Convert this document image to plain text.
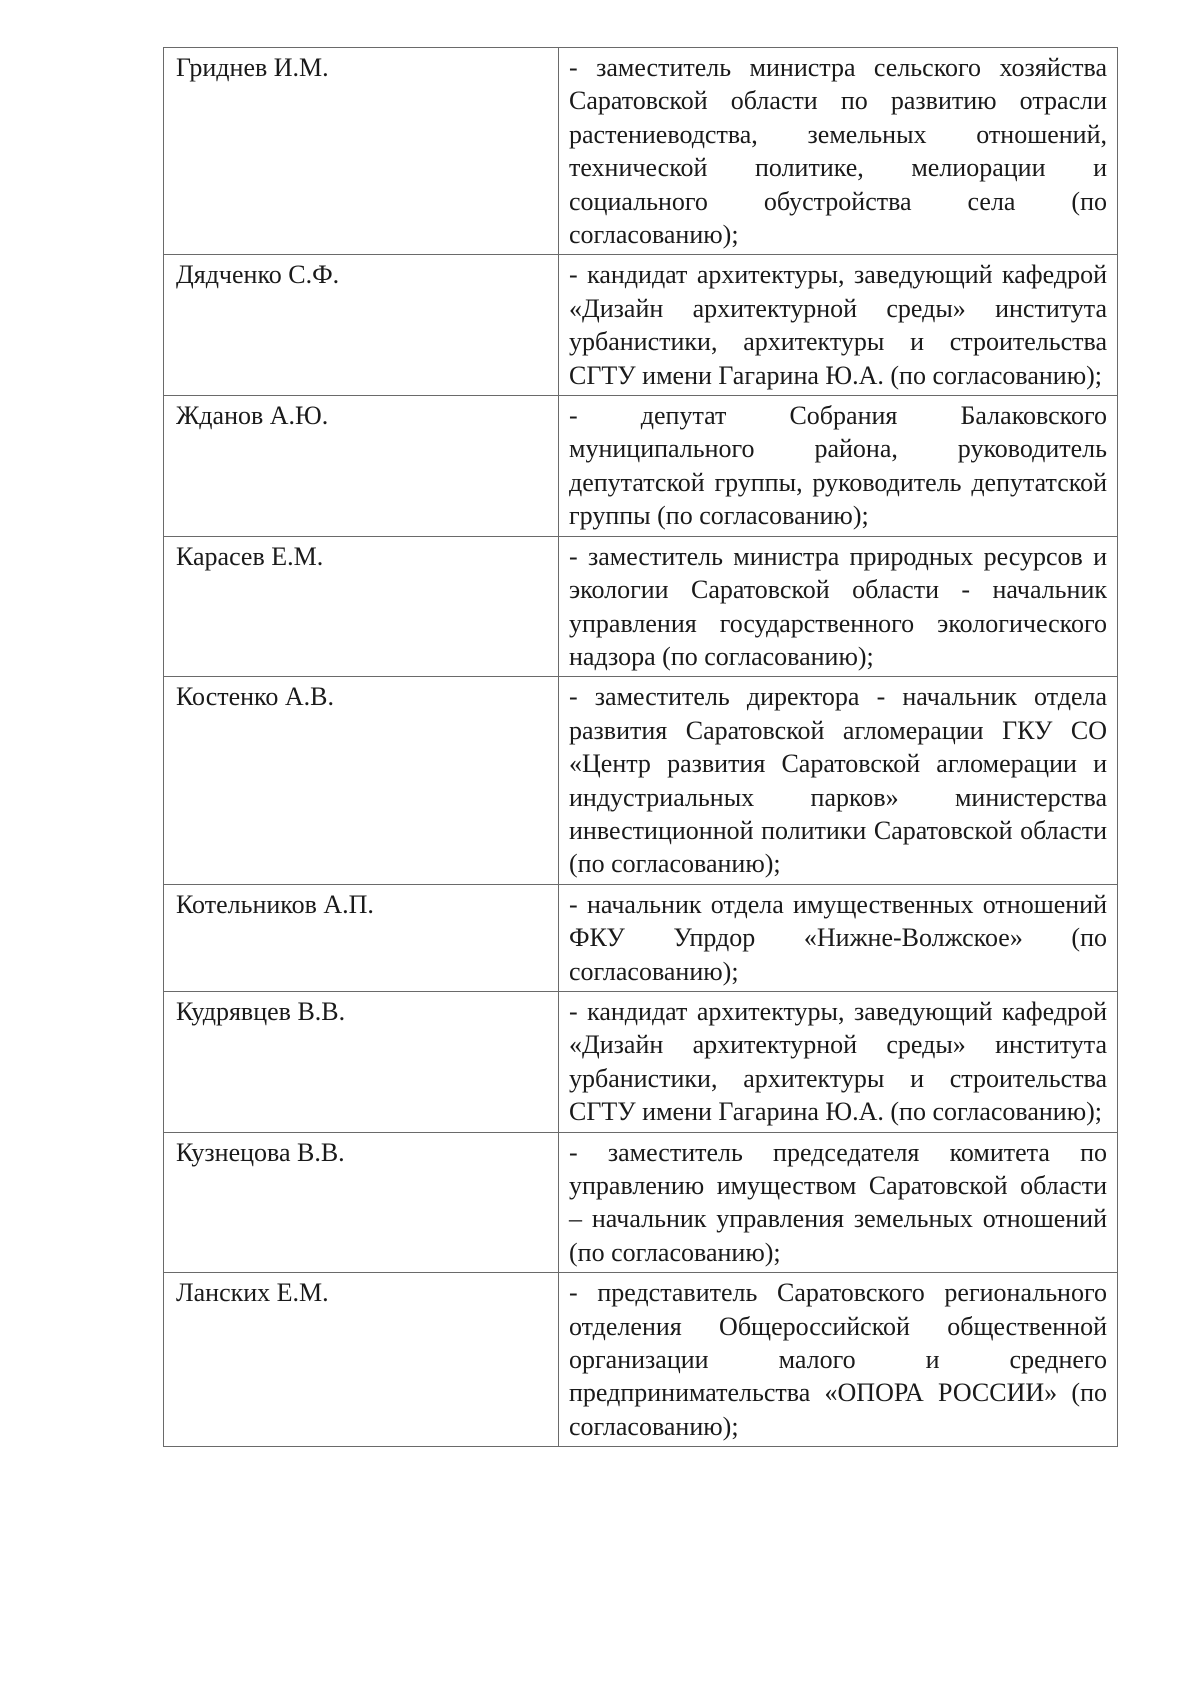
Гриднев И.М.	- заместитель министра сельского хозяйства Саратовской области по развитию отрасли растениеводства, земельных отношений, технической политике, мелиорации и социального обустройства села (по согласованию);
Дядченко С.Ф.	- кандидат архитектуры, заведующий кафедрой «Дизайн архитектурной среды» института урбанистики, архитектуры и строительства СГТУ имени Гагарина Ю.А. (по согласованию);
Жданов А.Ю.	- депутат Собрания Балаковского муниципального района, руководитель депутатской группы, руководитель депутатской группы (по согласованию);
Карасев Е.М.	- заместитель министра природных ресурсов и экологии Саратовской области - начальник управления государственного экологического надзора (по согласованию);
Костенко А.В.	- заместитель директора - начальник отдела развития Саратовской агломерации ГКУ СО «Центр развития Саратовской агломерации и индустриальных парков» министерства инвестиционной политики Саратовской области (по согласованию);
Котельников А.П.	- начальник отдела имущественных отношений ФКУ Упрдор «Нижне-Волжское» (по согласованию);
Кудрявцев В.В.	- кандидат архитектуры, заведующий кафедрой «Дизайн архитектурной среды» института урбанистики, архитектуры и строительства СГТУ имени Гагарина Ю.А. (по согласованию);
Кузнецова В.В.	- заместитель председателя комитета по управлению имуществом Саратовской области – начальник управления земельных отношений (по согласованию);
Ланских Е.М.	- представитель Саратовского регионального отделения Общероссийской общественной организации малого и среднего предпринимательства «ОПОРА РОССИИ» (по согласованию);
